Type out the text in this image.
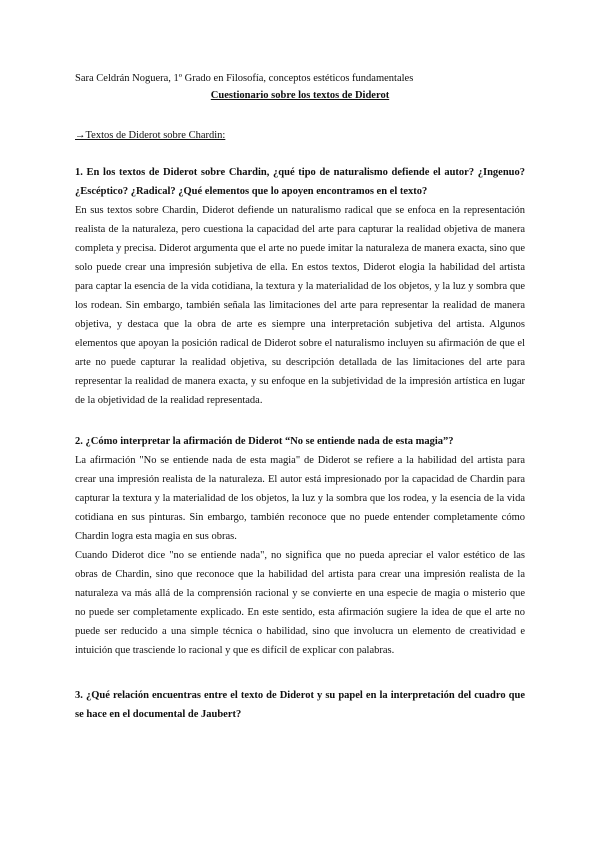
Sara Celdrán Noguera, 1º Grado en Filosofía, conceptos estéticos fundamentales

Cuestionario sobre los textos de Diderot

→Textos de Diderot sobre Chardin:

1. En los textos de Diderot sobre Chardin, ¿qué tipo de naturalismo defiende el autor? ¿Ingenuo? ¿Escéptico? ¿Radical? ¿Qué elementos que lo apoyen encontramos en el texto?

En sus textos sobre Chardin, Diderot defiende un naturalismo radical que se enfoca en la representación realista de la naturaleza, pero cuestiona la capacidad del arte para capturar la realidad objetiva de manera completa y precisa. Diderot argumenta que el arte no puede imitar la naturaleza de manera exacta, sino que solo puede crear una impresión subjetiva de ella. En estos textos, Diderot elogia la habilidad del artista para captar la esencia de la vida cotidiana, la textura y la materialidad de los objetos, y la luz y sombra que los rodean. Sin embargo, también señala las limitaciones del arte para representar la realidad de manera objetiva, y destaca que la obra de arte es siempre una interpretación subjetiva del artista. Algunos elementos que apoyan la posición radical de Diderot sobre el naturalismo incluyen su afirmación de que el arte no puede capturar la realidad objetiva, su descripción detallada de las limitaciones del arte para representar la realidad de manera exacta, y su enfoque en la subjetividad de la impresión artística en lugar de la objetividad de la realidad representada.

2. ¿Cómo interpretar la afirmación de Diderot “No se entiende nada de esta magia”?

La afirmación "No se entiende nada de esta magia" de Diderot se refiere a la habilidad del artista para crear una impresión realista de la naturaleza. El autor está impresionado por la capacidad de Chardin para capturar la textura y la materialidad de los objetos, la luz y la sombra que los rodea, y la esencia de la vida cotidiana en sus pinturas. Sin embargo, también reconoce que no puede entender completamente cómo Chardin logra esta magia en sus obras.

Cuando Diderot dice "no se entiende nada", no significa que no pueda apreciar el valor estético de las obras de Chardin, sino que reconoce que la habilidad del artista para crear una impresión realista de la naturaleza va más allá de la comprensión racional y se convierte en una especie de magia o misterio que no puede ser completamente explicado. En este sentido, esta afirmación sugiere la idea de que el arte no puede ser reducido a una simple técnica o habilidad, sino que involucra un elemento de creatividad e intuición que trasciende lo racional y que es difícil de explicar con palabras.

3. ¿Qué relación encuentras entre el texto de Diderot y su papel en la interpretación del cuadro que se hace en el documental de Jaubert?
